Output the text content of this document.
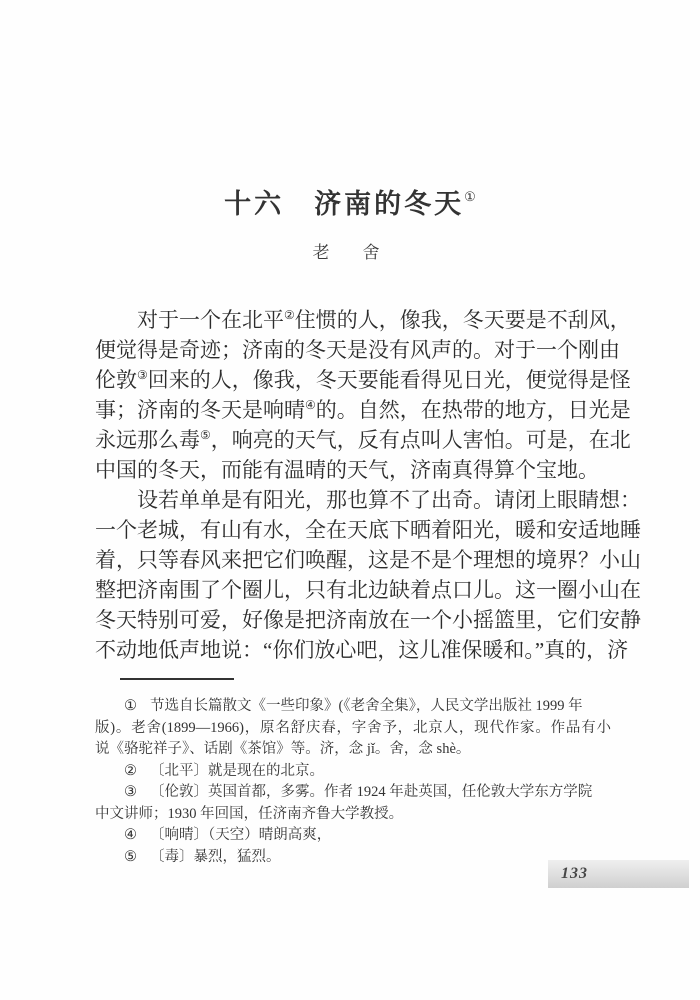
十六　济南的冬天①
老　舍
对于一个在北平②住惯的人，像我，冬天要是不刮风，
便觉得是奇迹；济南的冬天是没有风声的。对于一个刚由
伦敦③回来的人，像我，冬天要能看得见日光，便觉得是怪
事；济南的冬天是响晴④的。自然，在热带的地方，日光是
永远那么毒⑤，响亮的天气，反有点叫人害怕。可是，在北
中国的冬天，而能有温晴的天气，济南真得算个宝地。
设若单单是有阳光，那也算不了出奇。请闭上眼睛想：
一个老城，有山有水，全在天底下晒着阳光，暖和安适地睡
着，只等春风来把它们唤醒，这是不是个理想的境界？小山
整把济南围了个圈儿，只有北边缺着点口儿。这一圈小山在
冬天特别可爱，好像是把济南放在一个小摇篮里，它们安静
不动地低声地说：“你们放心吧，这儿准保暖和。”真的，济
① 节选自长篇散文《一些印象》(《老舍全集》，人民文学出版社 1999 年
版)。老舍(1899—1966)，原名舒庆春，字舍予，北京人，现代作家。作品有小
说《骆驼祥子》、话剧《茶馆》等。济，念 jǐ。舍，念 shè。
② 〔北平〕就是现在的北京。
③ 〔伦敦〕英国首都，多雾。作者 1924 年赴英国，任伦敦大学东方学院
中文讲师；1930 年回国，任济南齐鲁大学教授。
④ 〔响晴〕（天空）晴朗高爽，
⑤ 〔毒〕暴烈，猛烈。
133
